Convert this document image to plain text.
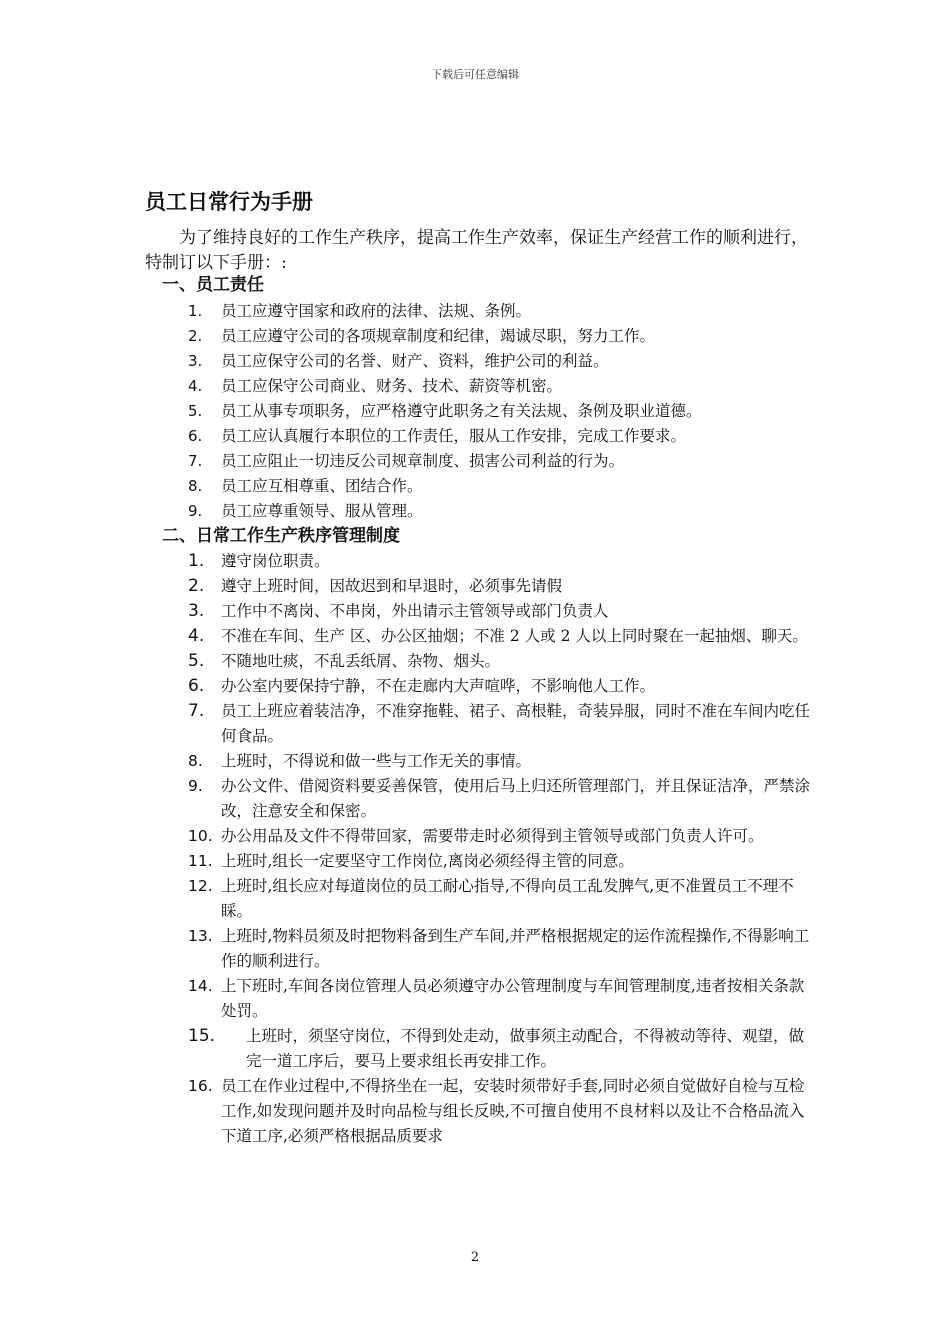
下载后可任意编辑
员工日常行为手册
为了维持良好的工作生产秩序，提高工作生产效率，保证生产经营工作的顺利进行，特制订以下手册：:
一、员工责任
1.	员工应遵守国家和政府的法律、法规、条例。
2.	员工应遵守公司的各项规章制度和纪律，竭诚尽职，努力工作。
3.	员工应保守公司的名誉、财产、资料，维护公司的利益。
4.	员工应保守公司商业、财务、技术、薪资等机密。
5.	员工从事专项职务，应严格遵守此职务之有关法规、条例及职业道德。
6.	员工应认真履行本职位的工作责任，服从工作安排，完成工作要求。
7.	员工应阻止一切违反公司规章制度、损害公司利益的行为。
8.	员工应互相尊重、团结合作。
9.	员工应尊重领导、服从管理。
二、日常工作生产秩序管理制度
1.	遵守岗位职责。
2.	遵守上班时间，因故迟到和早退时，必须事先请假
3.	工作中不离岗、不串岗，外出请示主管领导或部门负责人
4.	不准在车间、生产 区、办公区抽烟；不准 2 人或 2 人以上同时聚在一起抽烟、聊天。
5.	不随地吐痰，不乱丢纸屑、杂物、烟头。
6.	办公室内要保持宁静，不在走廊内大声喧哗，不影响他人工作。
7.	员工上班应着装洁净，不准穿拖鞋、裙子、高根鞋，奇装异服，同时不准在车间内吃任何食品。
8.	上班时，不得说和做一些与工作无关的事情。
9.	办公文件、借阅资料要妥善保管，使用后马上归还所管理部门，并且保证洁净，严禁涂改，注意安全和保密。
10. 办公用品及文件不得带回家，需要带走时必须得到主管领导或部门负责人许可。
11. 上班时,组长一定要坚守工作岗位,离岗必须经得主管的同意。
12. 上班时,组长应对每道岗位的员工耐心指导,不得向员工乱发脾气,更不准置员工不理不睬。
13. 上班时,物料员须及时把物料备到生产车间,并严格根据规定的运作流程操作,不得影响工作的顺利进行。
14. 上下班时,车间各岗位管理人员必须遵守办公管理制度与车间管理制度,违者按相关条款处罚。
15.	上班时，须坚守岗位，不得到处走动，做事须主动配合，不得被动等待、观望，做完一道工序后，要马上要求组长再安排工作。
16. 员工在作业过程中,不得挤坐在一起，安装时须带好手套,同时必须自觉做好自检与互检工作,如发现问题并及时向品检与组长反映,不可擅自使用不良材料以及让不合格品流入下道工序,必须严格根据品质要求
2
